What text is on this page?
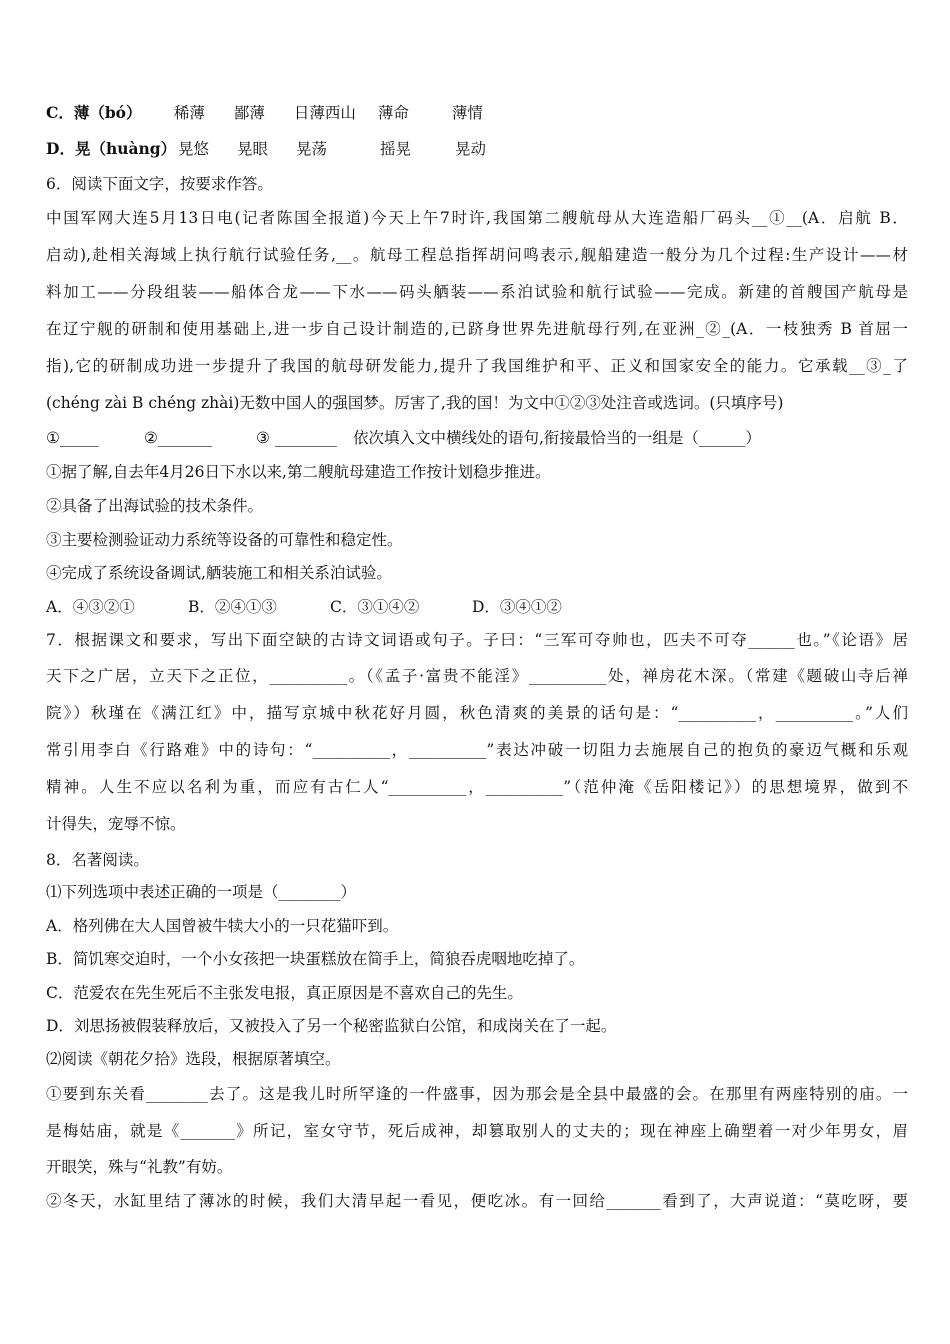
C．薄（bó） 稀薄 鄙薄 日薄西山 薄命	薄情
D．晃（huàng） 晃悠 晃眼 晃荡	摇晃	晃动
6．阅读下面文字，按要求作答。
中国军网大连5月13日电(记者陈国全报道)今天上午7时许,我国第二艘航母从大连造船厂码头__①__(A．启航 B．
启动),赴相关海域上执行航行试验任务,__。航母工程总指挥胡问鸣表示,舰船建造一般分为几个过程:生产设计——材
料加工——分段组装——船体合龙——下水——码头舾装——系泊试验和航行试验——完成。新建的首艘国产航母是
在辽宁舰的研制和使用基础上,进一步自己设计制造的,已跻身世界先进航母行列,在亚洲_②_(A．一枝独秀 B 首屈一
指),它的研制成功进一步提升了我国的航母研发能力,提升了我国维护和平、正义和国家安全的能力。它承载__③_了
(chéng zài B chéng zhài)无数中国人的强国梦。厉害了,我的国！为文中①②③处注音或选词。(只填序号)
①_____	②_______	③ ________ 依次填入文中横线处的语句,衔接最恰当的一组是（______）
①据了解,自去年4月26日下水以来,第二艘航母建造工作按计划稳步推进。
②具备了出海试验的技术条件。
③主要检测验证动力系统等设备的可靠性和稳定性。
④完成了系统设备调试,舾装施工和相关系泊试验。
A．④③②①	B．②④①③	C．③①④②	D．③④①②
7．根据课文和要求，写出下面空缺的古诗文词语或句子。子曰：“三军可夺帅也，匹夫不可夺______也。”《论语》居
天下之广居，立天下之正位，__________。（《孟子·富贵不能淫》__________处，禅房花木深。（常建《题破山寺后禅
院》）秋瑾在《满江红》中，描写京城中秋花好月圆，秋色清爽的美景的话句是：“__________，__________。”人们
常引用李白《行路难》中的诗句：“__________，__________”表达冲破一切阻力去施展自己的抱负的豪迈气概和乐观
精神。人生不应以名利为重，而应有古仁人“__________，__________”（范仲淹《岳阳楼记》）的思想境界，做到不
计得失，宠辱不惊。
8．名著阅读。
⑴下列选项中表述正确的一项是（________）
A．格列佛在大人国曾被牛犊大小的一只花猫吓到。
B．简饥寒交迫时，一个小女孩把一块蛋糕放在简手上，简狼吞虎咽地吃掉了。
C．范爱农在先生死后不主张发电报，真正原因是不喜欢自己的先生。
D．刘思扬被假装释放后，又被投入了另一个秘密监狱白公馆，和成岗关在了一起。
⑵阅读《朝花夕拾》选段，根据原著填空。
①要到东关看________去了。这是我儿时所罕逢的一件盛事，因为那会是全县中最盛的会。在那里有两座特别的庙。一
是梅姑庙，就是《_______》所记，室女守节，死后成神，却篡取别人的丈夫的；现在神座上确塑着一对少年男女，眉
开眼笑，殊与“礼教”有妨。
②冬天，水缸里结了薄冰的时候，我们大清早起一看见，便吃冰。有一回给_______看到了，大声说道：“莫吃呀，要
